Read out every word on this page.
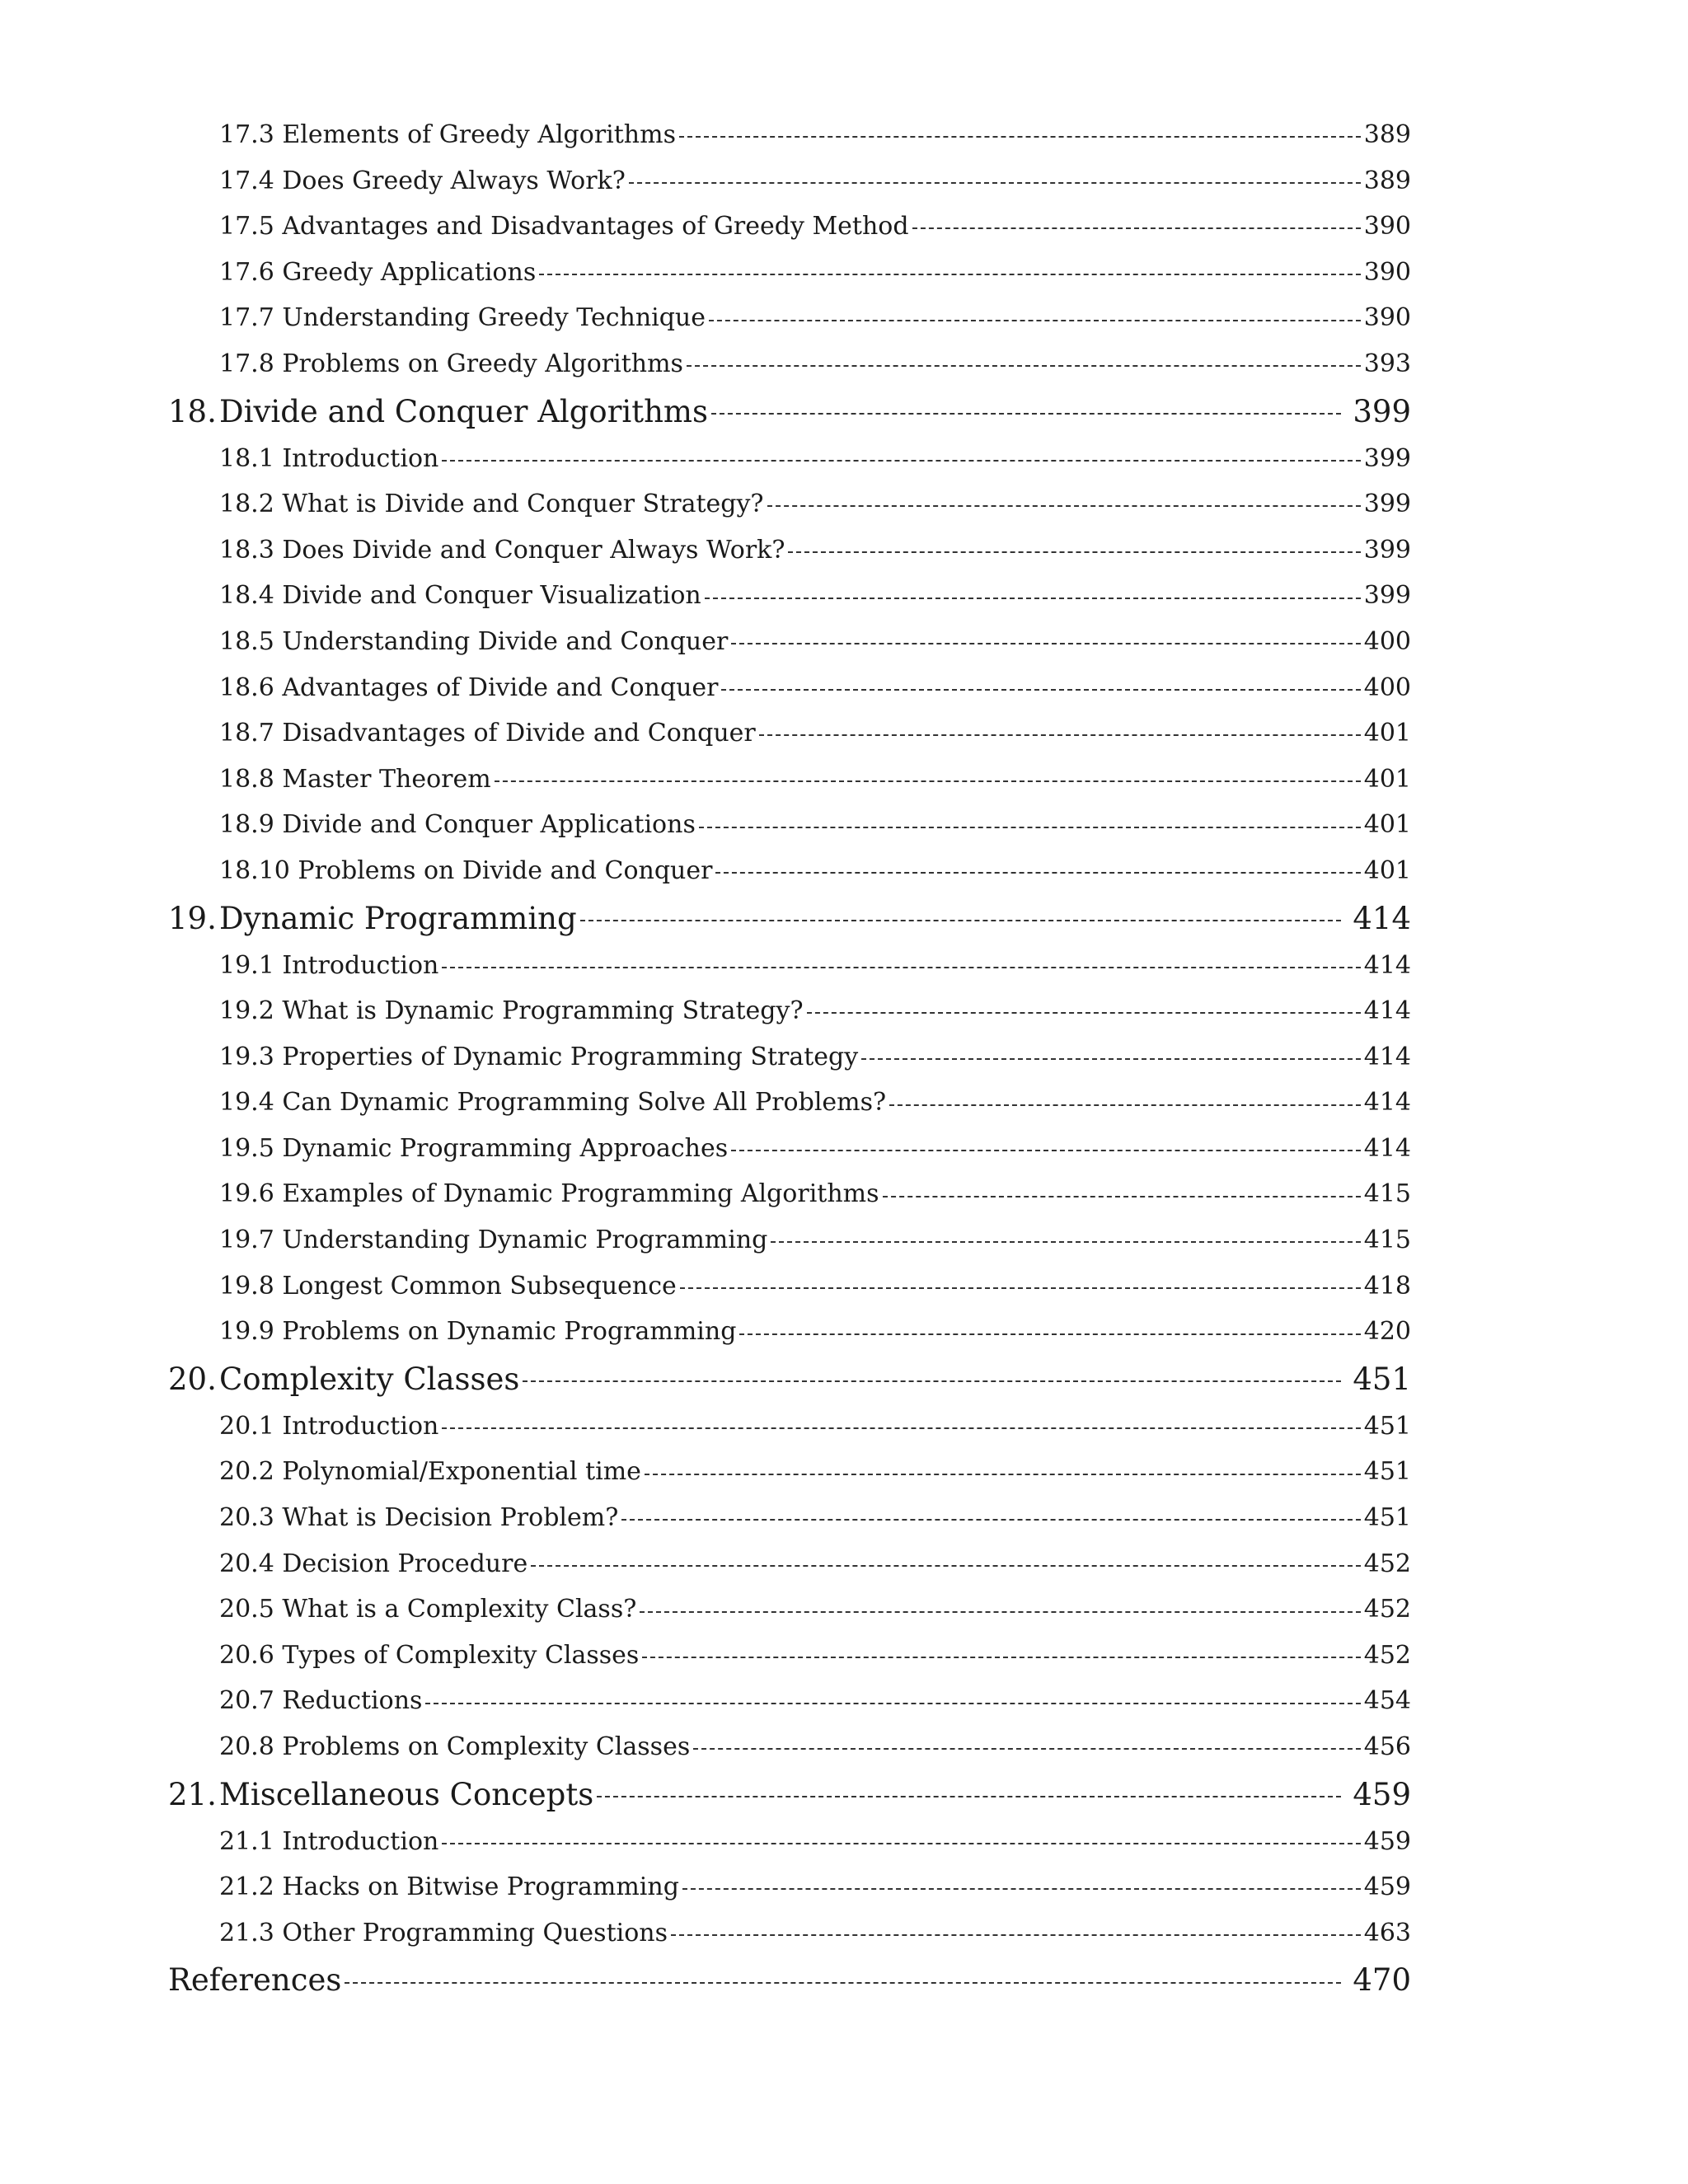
17.3 Elements of Greedy Algorithms	389
17.4 Does Greedy Always Work?	389
17.5 Advantages and Disadvantages of Greedy Method	390
17.6 Greedy Applications	390
17.7 Understanding Greedy Technique	390
17.8 Problems on Greedy Algorithms	393
18. Divide and Conquer Algorithms	399
18.1 Introduction	399
18.2 What is Divide and Conquer Strategy?	399
18.3 Does Divide and Conquer Always Work?	399
18.4 Divide and Conquer Visualization	399
18.5 Understanding Divide and Conquer	400
18.6 Advantages of Divide and Conquer	400
18.7 Disadvantages of Divide and Conquer	401
18.8 Master Theorem	401
18.9 Divide and Conquer Applications	401
18.10 Problems on Divide and Conquer	401
19. Dynamic Programming	414
19.1 Introduction	414
19.2 What is Dynamic Programming Strategy?	414
19.3 Properties of Dynamic Programming Strategy	414
19.4 Can Dynamic Programming Solve All Problems?	414
19.5 Dynamic Programming Approaches	414
19.6 Examples of Dynamic Programming Algorithms	415
19.7 Understanding Dynamic Programming	415
19.8 Longest Common Subsequence	418
19.9 Problems on Dynamic Programming	420
20. Complexity Classes	451
20.1 Introduction	451
20.2 Polynomial/Exponential time	451
20.3 What is Decision Problem?	451
20.4 Decision Procedure	452
20.5 What is a Complexity Class?	452
20.6 Types of Complexity Classes	452
20.7 Reductions	454
20.8 Problems on Complexity Classes	456
21. Miscellaneous Concepts	459
21.1 Introduction	459
21.2 Hacks on Bitwise Programming	459
21.3 Other Programming Questions	463
References	470
